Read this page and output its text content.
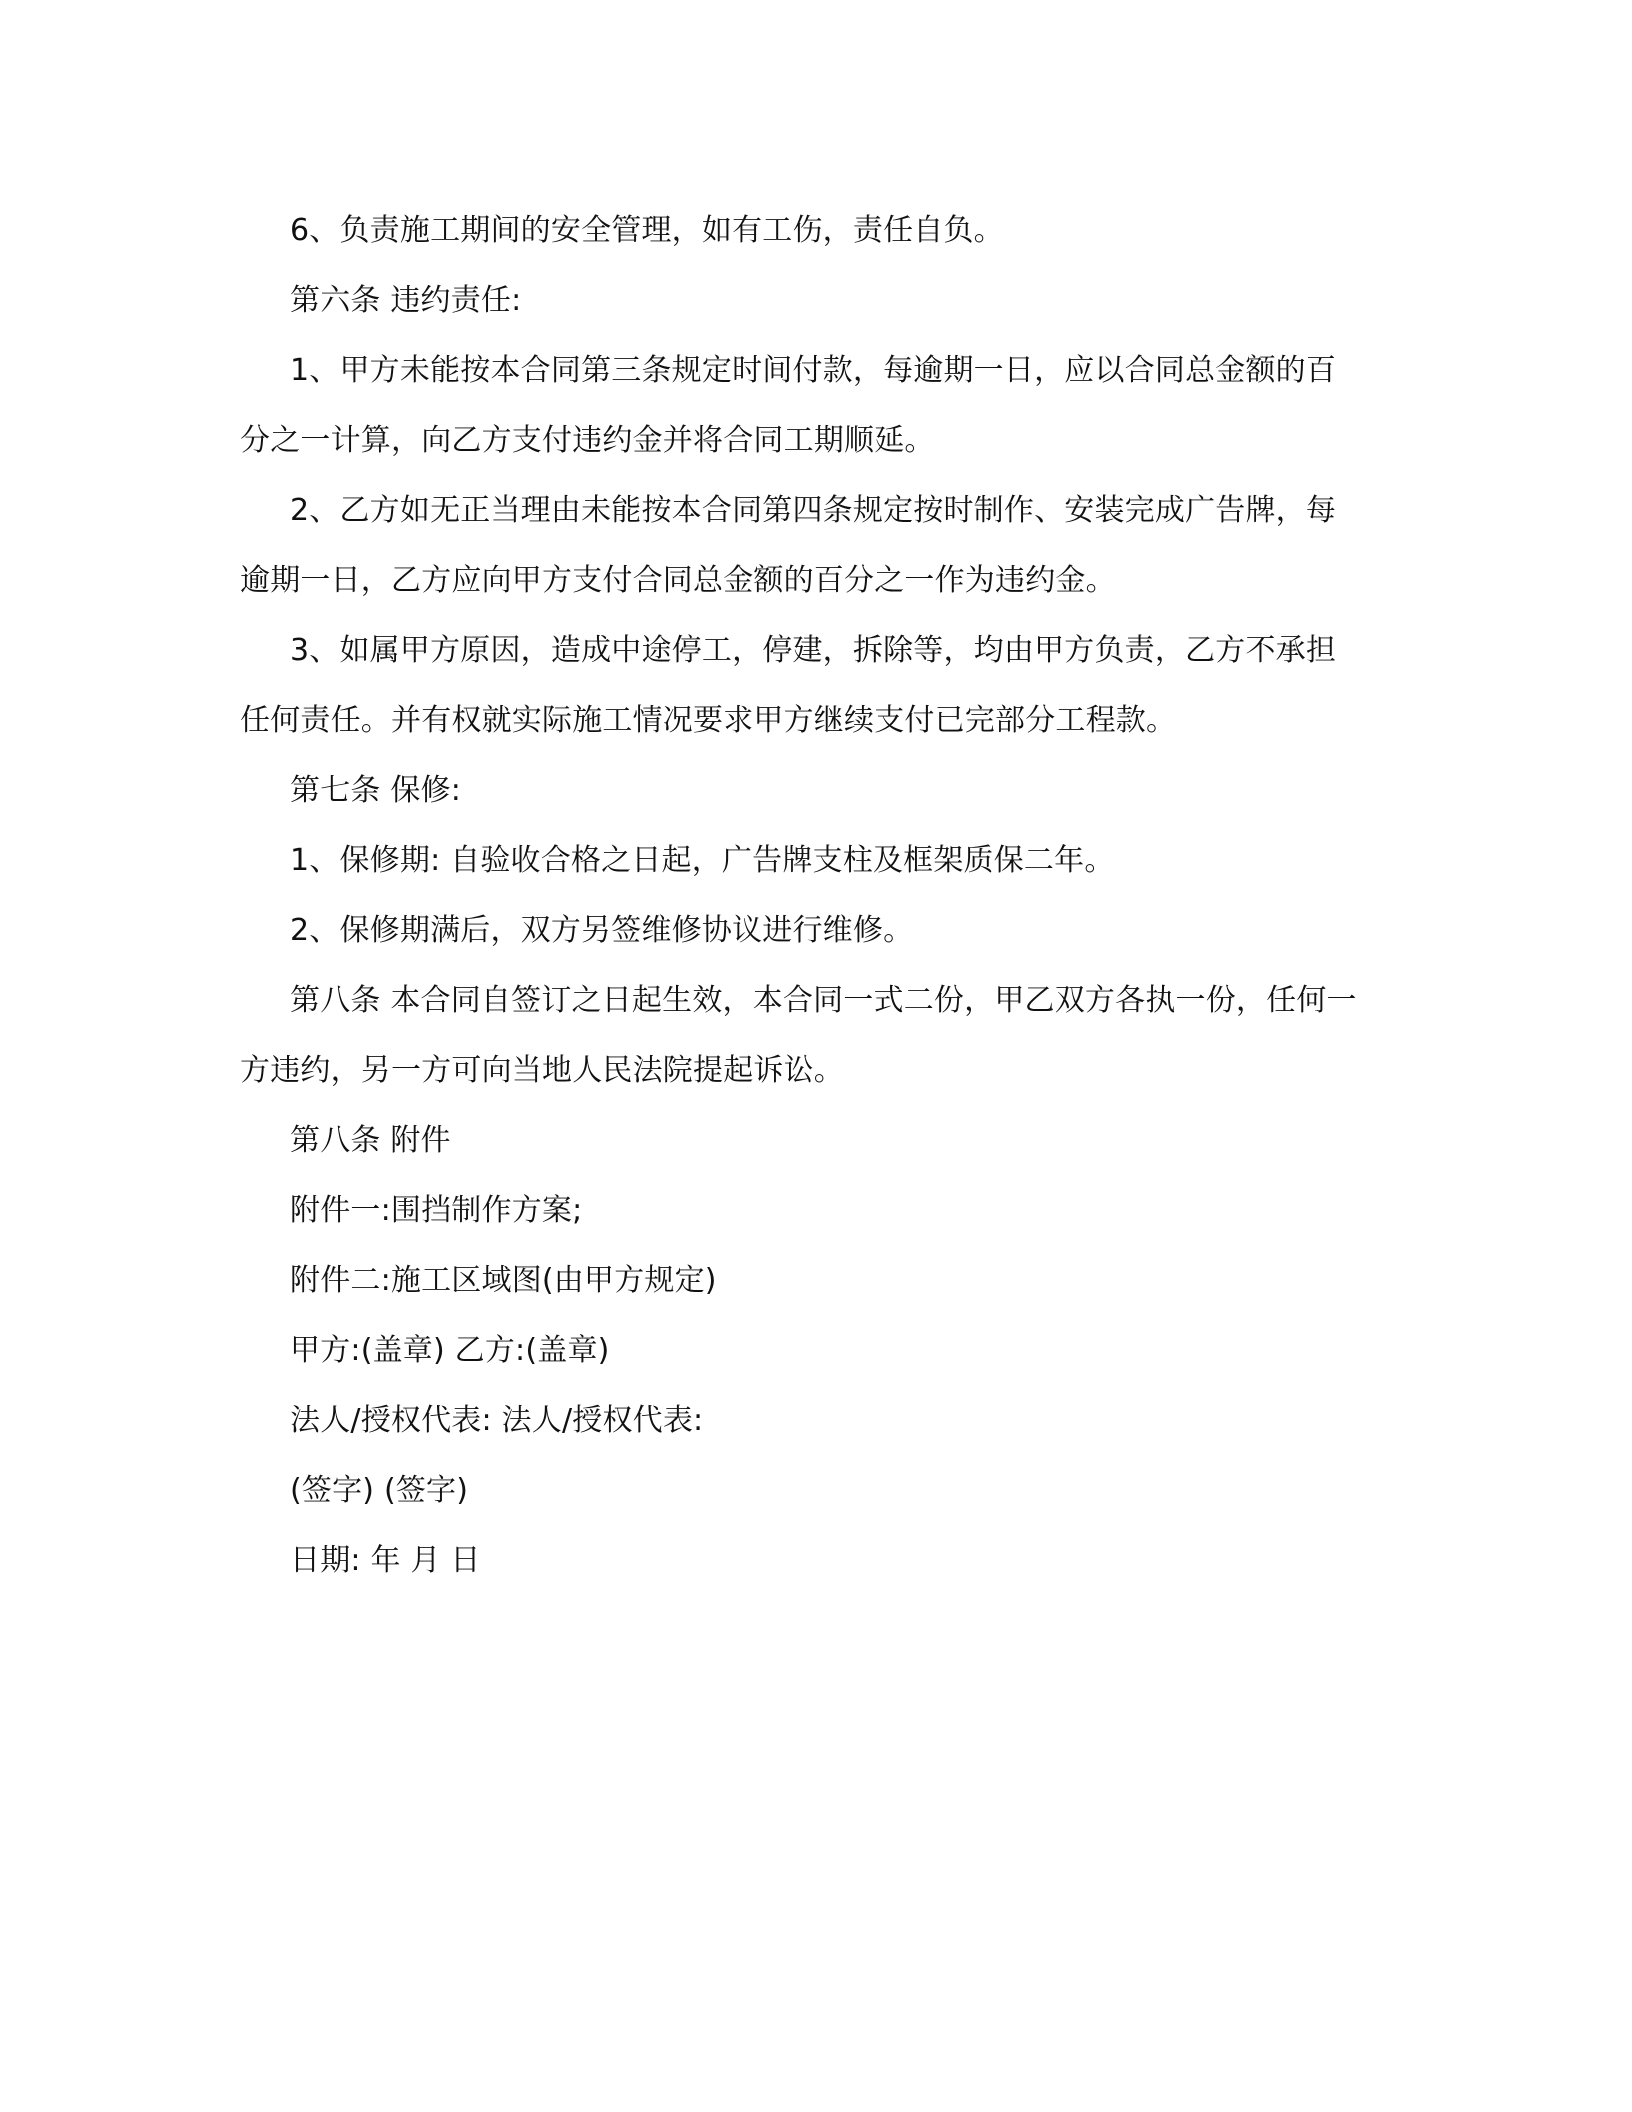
6、负责施工期间的安全管理，如有工伤，责任自负。

第六条 违约责任:

1、甲方未能按本合同第三条规定时间付款，每逾期一日，应以合同总金额的百分之一计算，向乙方支付违约金并将合同工期顺延。

2、乙方如无正当理由未能按本合同第四条规定按时制作、安装完成广告牌，每逾期一日，乙方应向甲方支付合同总金额的百分之一作为违约金。

3、如属甲方原因，造成中途停工，停建，拆除等，均由甲方负责，乙方不承担任何责任。并有权就实际施工情况要求甲方继续支付已完部分工程款。

第七条 保修:

1、保修期: 自验收合格之日起，广告牌支柱及框架质保二年。

2、保修期满后，双方另签维修协议进行维修。

第八条 本合同自签订之日起生效，本合同一式二份，甲乙双方各执一份，任何一方违约，另一方可向当地人民法院提起诉讼。

第八条 附件

附件一:围挡制作方案;

附件二:施工区域图(由甲方规定)

甲方:(盖章) 乙方:(盖章)

法人/授权代表: 法人/授权代表:

(签字) (签字)

日期: 年 月 日
